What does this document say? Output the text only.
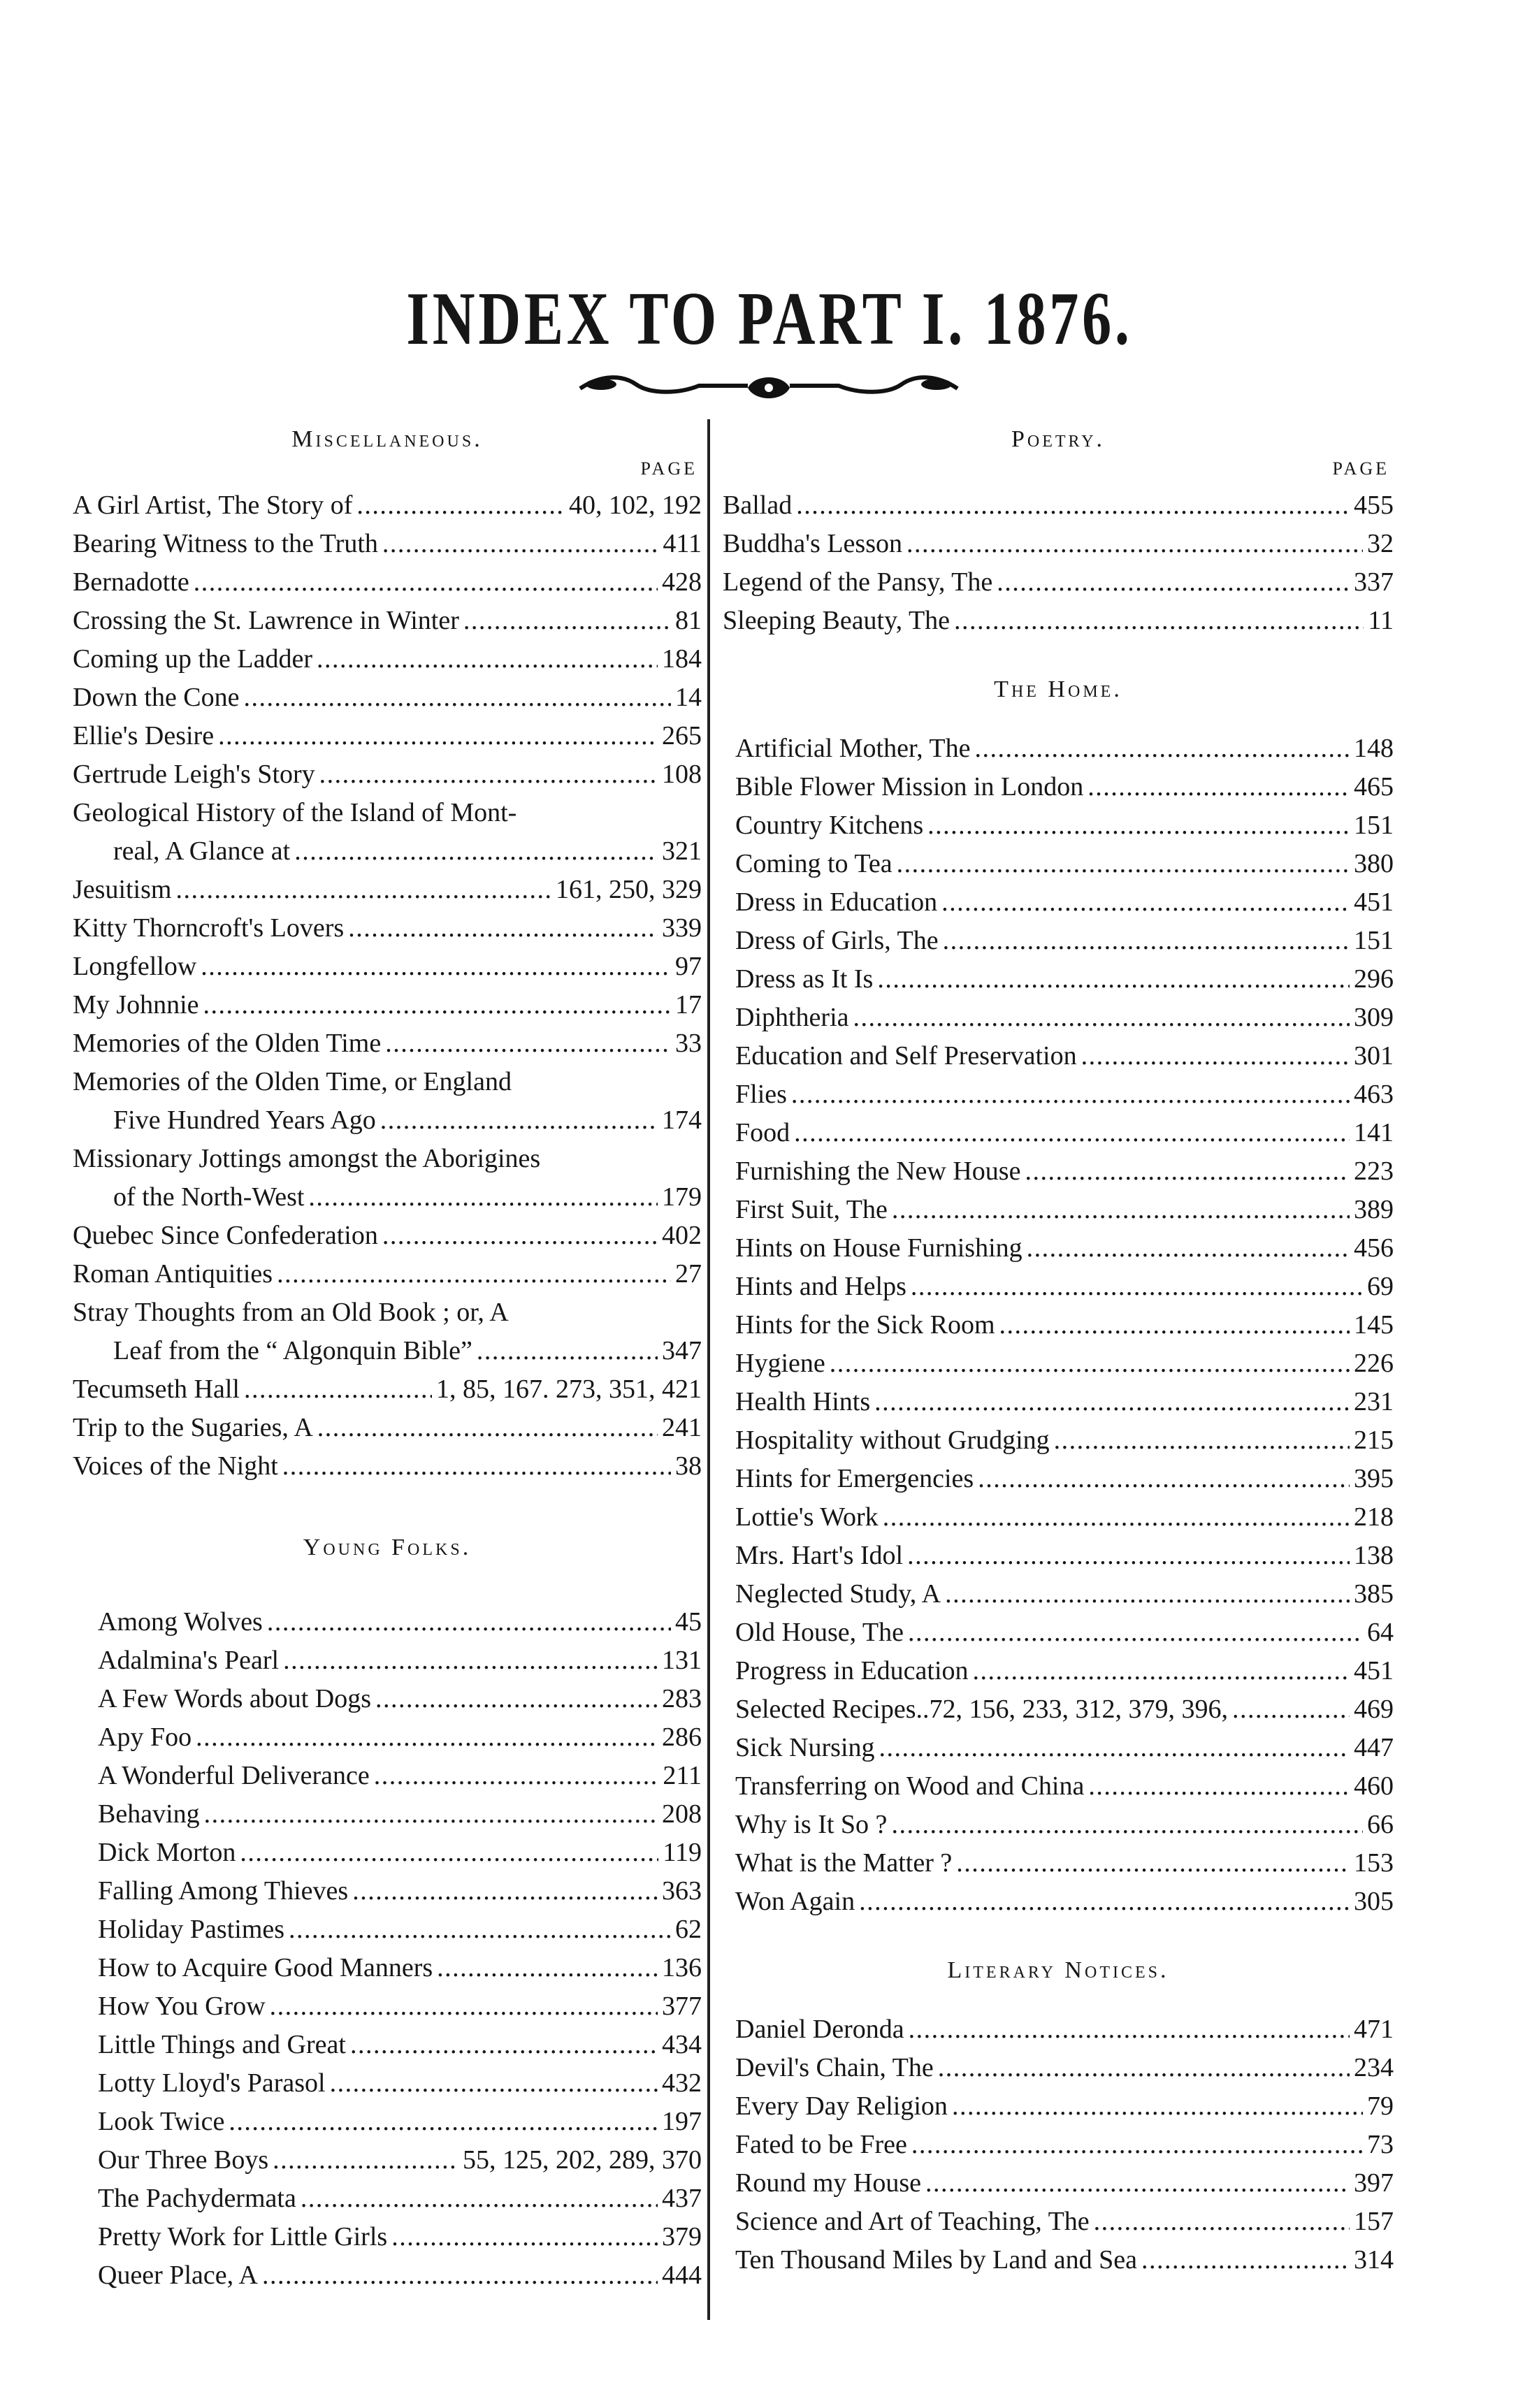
INDEX TO PART I. 1876.
Miscellaneous.
PAGE
A Girl Artist, The Story of . . .	40, 102, 192
Bearing Witness to the Truth . . .	411
Bernadotte . . .	428
Crossing the St. Lawrence in Winter . . .	81
Coming up the Ladder . . .	184
Down the Cone . . .	14
Ellie's Desire . . .	265
Gertrude Leigh's Story . . .	108
Geological History of the Island of Mont-
real, A Glance at . . .	321
Jesuitism . . .	161, 250, 329
Kitty Thorncroft's Lovers . . .	339
Longfellow . . .	97
My Johnnie . . .	17
Memories of the Olden Time . . .	33
Memories of the Olden Time, or England
Five Hundred Years Ago . . .	174
Missionary Jottings amongst the Aborigines
of the North-West . . .	179
Quebec Since Confederation . . .	402
Roman Antiquities . . .	27
Stray Thoughts from an Old Book ; or, A
Leaf from the “ Algonquin Bible” . . .	347
Tecumseth Hall . . .	1, 85, 167. 273, 351, 421
Trip to the Sugaries, A . . .	241
Voices of the Night . . .	38
Young Folks.
Among Wolves . . .	45
Adalmina's Pearl . . .	131
A Few Words about Dogs . . .	283
Apy Foo . . .	286
A Wonderful Deliverance . . .	211
Behaving . . .	208
Dick Morton . . .	119
Falling Among Thieves . . .	363
Holiday Pastimes . . .	62
How to Acquire Good Manners . . .	136
How You Grow . . .	377
Little Things and Great . . .	434
Lotty Lloyd's Parasol . . .	432
Look Twice . . .	197
Our Three Boys . . .	55, 125, 202, 289, 370
The Pachydermata . . .	437
Pretty Work for Little Girls . . .	379
Queer Place, A . . .	444
Poetry.
PAGE
Ballad . . .	455
Buddha's Lesson . . .	32
Legend of the Pansy, The . . .	337
Sleeping Beauty, The . . .	11
The Home.
Artificial Mother, The . . .	148
Bible Flower Mission in London . . .	465
Country Kitchens . . .	151
Coming to Tea . . .	380
Dress in Education . . .	451
Dress of Girls, The . . .	151
Dress as It Is . . .	296
Diphtheria . . .	309
Education and Self Preservation . . .	301
Flies . . .	463
Food . . .	141
Furnishing the New House . . .	223
First Suit, The . . .	389
Hints on House Furnishing . . .	456
Hints and Helps . . .	69
Hints for the Sick Room . . .	145
Hygiene . . .	226
Health Hints . . .	231
Hospitality without Grudging . . .	215
Hints for Emergencies . . .	395
Lottie's Work . . .	218
Mrs. Hart's Idol . . .	138
Neglected Study, A . . .	385
Old House, The . . .	64
Progress in Education . . .	451
Selected Recipes..72, 156, 233, 312, 379, 396, . . .	469
Sick Nursing . . .	447
Transferring on Wood and China . . .	460
Why is It So ? . . .	66
What is the Matter ? . . .	153
Won Again . . .	305
Literary Notices.
Daniel Deronda . . .	471
Devil's Chain, The . . .	234
Every Day Religion . . .	79
Fated to be Free . . .	73
Round my House . . .	397
Science and Art of Teaching, The . . .	157
Ten Thousand Miles by Land and Sea . . .	314
